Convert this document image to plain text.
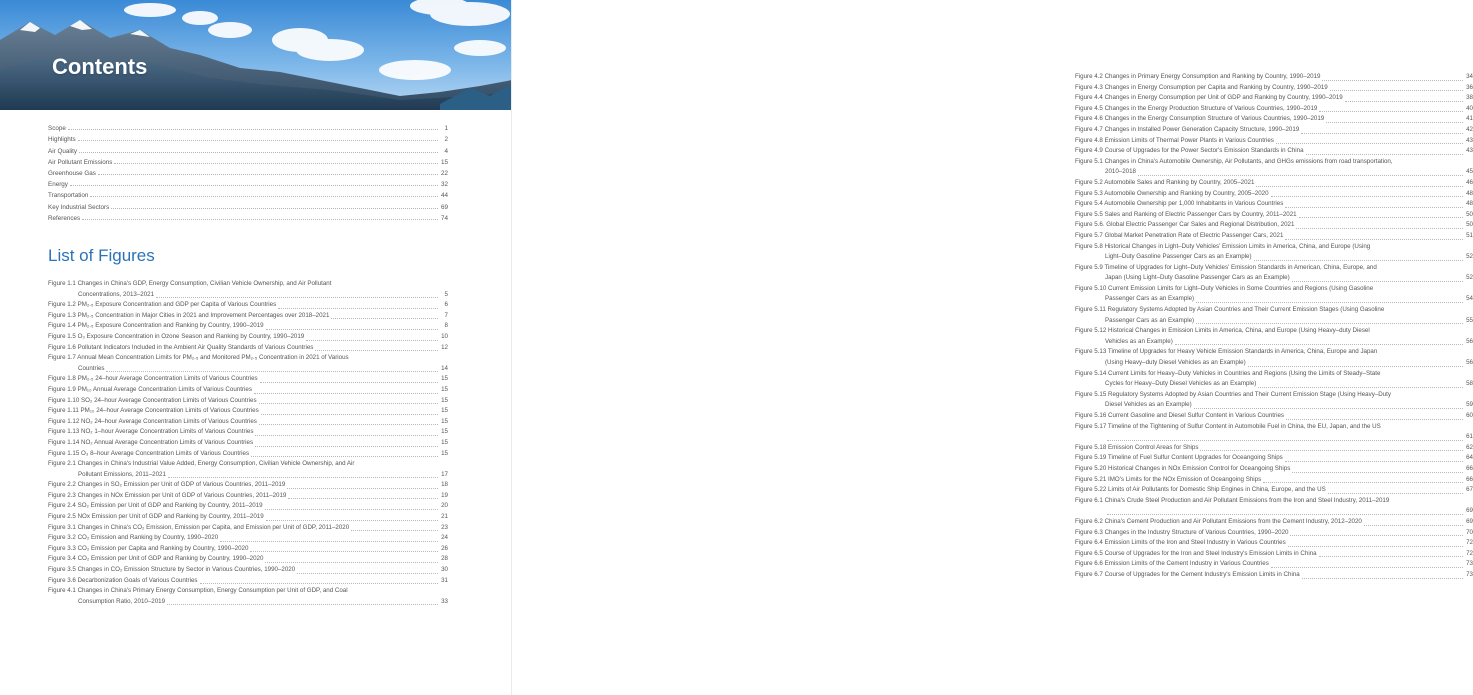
Contents
Scope	1
Highlights	2
Air Quality	4
Air Pollutant Emissions	15
Greenhouse Gas	22
Energy	32
Transportation	44
Key Industrial Sectors	69
References	74
List of Figures
Figure 1.1 Changes in China's GDP, Energy Consumption, Civilian Vehicle Ownership, and Air Pollutant
Concentrations, 2013–2021	5
Figure 1.2 PM₂.₅ Exposure Concentration and GDP per Capita of Various Countries	6
Figure 1.3 PM₂.₅ Concentration in Major Cities in 2021 and Improvement Percentages over 2018–2021	7
Figure 1.4 PM₂.₅ Exposure Concentration and Ranking by Country, 1990–2019	8
Figure 1.5 O₃ Exposure Concentration in Ozone Season and Ranking by Country, 1990–2019	10
Figure 1.6 Pollutant Indicators Included in the Ambient Air Quality Standards of Various Countries	12
Figure 1.7 Annual Mean Concentration Limits for PM₂.₅ and Monitored PM₂.₅ Concentration in 2021 of Various
Countries	14
Figure 1.8 PM₂.₅ 24–hour Average Concentration Limits of Various Countries	15
Figure 1.9 PM₁₀ Annual Average Concentration Limits of Various Countries	15
Figure 1.10 SO₂ 24–hour Average Concentration Limits of Various Countries	15
Figure 1.11 PM₁₀ 24–hour Average Concentration Limits of Various Countries	15
Figure 1.12 NO₂ 24–hour Average Concentration Limits of Various Countries	15
Figure 1.13 NO₂ 1–hour Average Concentration Limits of Various Countries	15
Figure 1.14 NO₂ Annual Average Concentration Limits of Various Countries	15
Figure 1.15 O₃ 8–hour Average Concentration Limits of Various Countries	15
Figure 2.1 Changes in China's Industrial Value Added, Energy Consumption, Civilian Vehicle Ownership, and Air
Pollutant Emissions, 2011–2021	17
Figure 2.2 Changes in SO₂ Emission per Unit of GDP of Various Countries, 2011–2019	18
Figure 2.3 Changes in NOx Emission per Unit of GDP of Various Countries, 2011–2019	19
Figure 2.4 SO₂ Emission per Unit of GDP and Ranking by Country, 2011–2019	20
Figure 2.5 NOx Emission per Unit of GDP and Ranking by Country, 2011–2019	21
Figure 3.1 Changes in China's CO₂ Emission, Emission per Capita, and Emission per Unit of GDP, 2011–2020	23
Figure 3.2 CO₂ Emission and Ranking by Country, 1990–2020	24
Figure 3.3 CO₂ Emission per Capita and Ranking by Country, 1990–2020	26
Figure 3.4 CO₂ Emission per Unit of GDP and Ranking by Country, 1990–2020	28
Figure 3.5 Changes in CO₂ Emission Structure by Sector in Various Countries, 1990–2020	30
Figure 3.6 Decarbonization Goals of Various Countries	31
Figure 4.1 Changes in China's Primary Energy Consumption, Energy Consumption per Unit of GDP, and Coal
Consumption Ratio, 2010–2019	33
Figure 4.2 Changes in Primary Energy Consumption and Ranking by Country, 1990–2019	34
Figure 4.3 Changes in Energy Consumption per Capita and Ranking by Country, 1990–2019	36
Figure 4.4 Changes in Energy Consumption per Unit of GDP and Ranking by Country, 1990–2019	38
Figure 4.5 Changes in the Energy Production Structure of Various Countries, 1990–2019	40
Figure 4.6 Changes in the Energy Consumption Structure of Various Countries, 1990–2019	41
Figure 4.7 Changes in Installed Power Generation Capacity Structure, 1990–2019	42
Figure 4.8 Emission Limits of Thermal Power Plants in Various Countries	43
Figure 4.9 Course of Upgrades for the Power Sector's Emission Standards in China	43
Figure 5.1 Changes in China's Automobile Ownership, Air Pollutants, and GHGs emissions from road transportation,
2010–2018	45
Figure 5.2 Automobile Sales and Ranking by Country, 2005–2021	46
Figure 5.3 Automobile Ownership and Ranking by Country, 2005–2020	48
Figure 5.4 Automobile Ownership per 1,000 Inhabitants in Various Countries	48
Figure 5.5 Sales and Ranking of Electric Passenger Cars by Country, 2011–2021	50
Figure 5.6. Global Electric Passenger Car Sales and Regional Distribution, 2021	50
Figure 5.7 Global Market Penetration Rate of Electric Passenger Cars, 2021	51
Figure 5.8 Historical Changes in Light–Duty Vehicles' Emission Limits in America, China, and Europe (Using
Light–Duty Gasoline Passenger Cars as an Example)	52
Figure 5.9 Timeline of Upgrades for Light–Duty Vehicles' Emission Standards in American, China, Europe, and
Japan (Using Light–Duty Gasoline Passenger Cars as an Example)	52
Figure 5.10 Current Emission Limits for Light–Duty Vehicles in Some Countries and Regions (Using Gasoline
Passenger Cars as an Example)	54
Figure 5.11 Regulatory Systems Adopted by Asian Countries and Their Current Emission Stages (Using Gasoline
Passenger Cars as an Example)	55
Figure 5.12 Historical Changes in Emission Limits in America, China, and Europe (Using Heavy–duty Diesel
Vehicles as an Example)	56
Figure 5.13 Timeline of Upgrades for Heavy Vehicle Emission Standards in America, China, Europe and Japan
(Using Heavy–duty Diesel Vehicles as an Example)	56
Figure 5.14 Current Limits for Heavy–Duty Vehicles in Countries and Regions (Using the Limits of Steady–State
Cycles for Heavy–Duty Diesel Vehicles as an Example)	58
Figure 5.15 Regulatory Systems Adopted by Asian Countries and Their Current Emission Stage (Using Heavy–Duty
Diesel Vehicles as an Example)	59
Figure 5.16 Current Gasoline and Diesel Sulfur Content in Various Countries	60
Figure 5.17 Timeline of the Tightening of Sulfur Content in Automobile Fuel in China, the EU, Japan, and the US
61
Figure 5.18 Emission Control Areas for Ships	62
Figure 5.19 Timeline of Fuel Sulfur Content Upgrades for Oceangoing Ships	64
Figure 5.20 Historical Changes in NOx Emission Control for Oceangoing Ships	66
Figure 5.21 IMO's Limits for the NOx Emission of Oceangoing Ships	66
Figure 5.22 Limits of Air Pollutants for Domestic Ship Engines in China, Europe, and the US	67
Figure 6.1 China's Crude Steel Production and Air Pollutant Emissions from the Iron and Steel Industry, 2011–2019
69
Figure 6.2 China's Cement Production and Air Pollutant Emissions from the Cement Industry, 2012–2020	69
Figure 6.3 Changes in the Industry Structure of Various Countries, 1990–2020	70
Figure 6.4 Emission Limits of the Iron and Steel Industry in Various Countries	72
Figure 6.5 Course of Upgrades for the Iron and Steel Industry's Emission Limits in China	72
Figure 6.6 Emission Limits of the Cement Industry in Various Countries	73
Figure 6.7 Course of Upgrades for the Cement Industry's Emission Limits in China	73
